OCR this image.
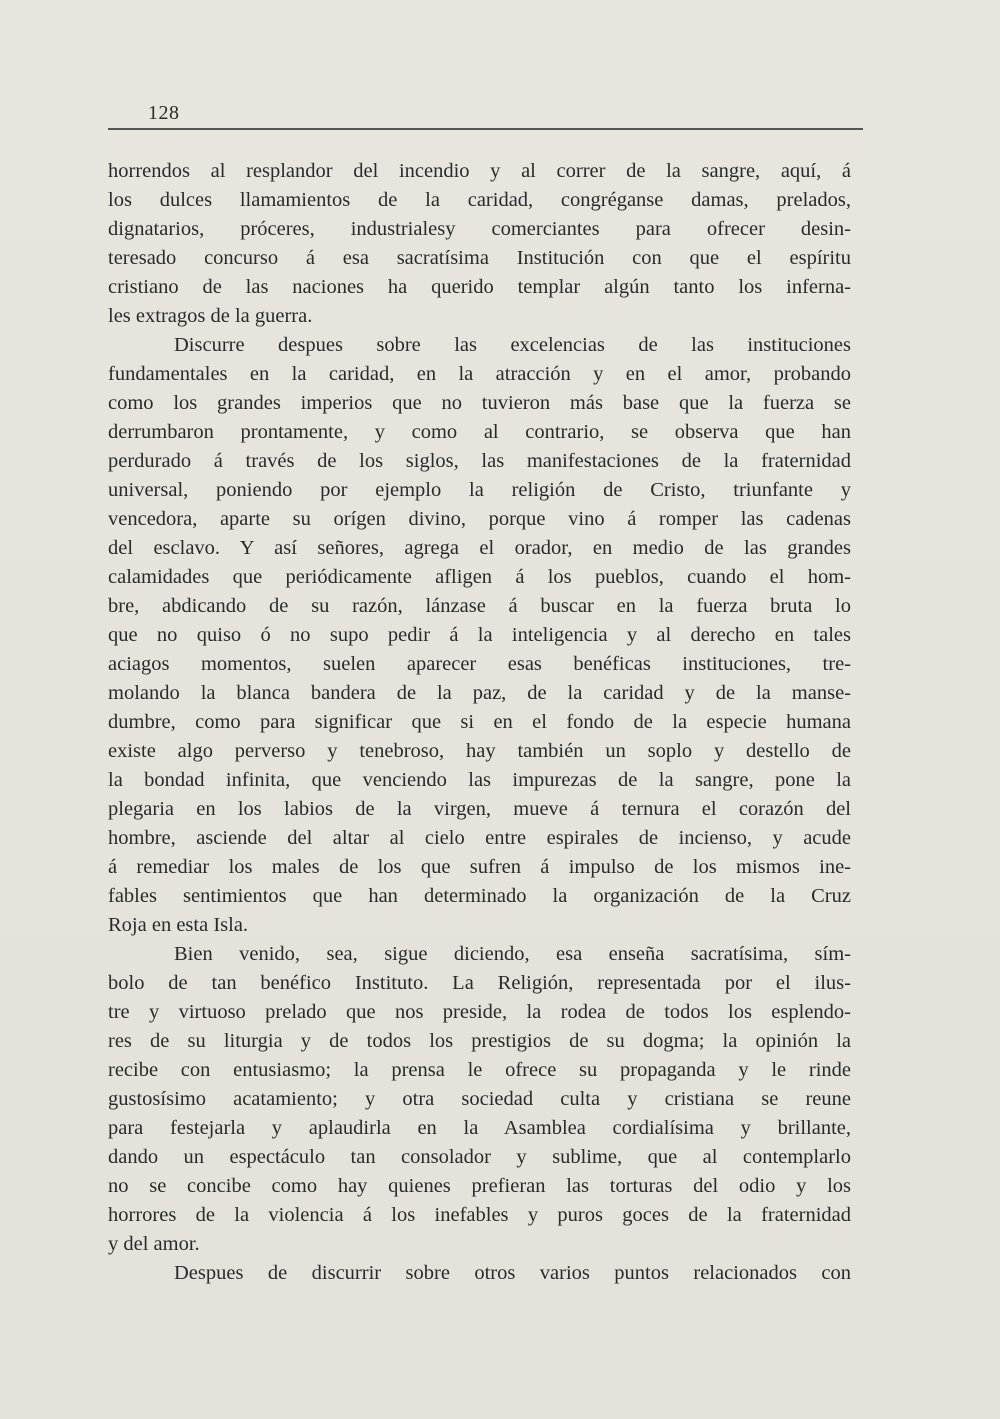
128
horrendos al resplandor del incendio y al correr de la sangre, aquí, á
los dulces llamamientos de la caridad, congréganse damas, prelados,
dignatarios, próceres, industrialesy comerciantes para ofrecer desin-
teresado concurso á esa sacratísima Institución con que el espíritu
cristiano de las naciones ha querido templar algún tanto los inferna-
les extragos de la guerra.
Discurre despues sobre las excelencias de las instituciones
fundamentales en la caridad, en la atracción y en el amor, probando
como los grandes imperios que no tuvieron más base que la fuerza se
derrumbaron prontamente, y como al contrario, se observa que han
perdurado á través de los siglos, las manifestaciones de la fraternidad
universal, poniendo por ejemplo la religión de Cristo, triunfante y
vencedora, aparte su orígen divino, porque vino á romper las cadenas
del esclavo. Y así señores, agrega el orador, en medio de las grandes
calamidades que periódicamente afligen á los pueblos, cuando el hom-
bre, abdicando de su razón, lánzase á buscar en la fuerza bruta lo
que no quiso ó no supo pedir á la inteligencia y al derecho en tales
aciagos momentos, suelen aparecer esas benéficas instituciones, tre-
molando la blanca bandera de la paz, de la caridad y de la manse-
dumbre, como para significar que si en el fondo de la especie humana
existe algo perverso y tenebroso, hay también un soplo y destello de
la bondad infinita, que venciendo las impurezas de la sangre, pone la
plegaria en los labios de la virgen, mueve á ternura el corazón del
hombre, asciende del altar al cielo entre espirales de incienso, y acude
á remediar los males de los que sufren á impulso de los mismos ine-
fables sentimientos que han determinado la organización de la Cruz
Roja en esta Isla.
Bien venido, sea, sigue diciendo, esa enseña sacratísima, sím-
bolo de tan benéfico Instituto. La Religión, representada por el ilus-
tre y virtuoso prelado que nos preside, la rodea de todos los esplendo-
res de su liturgia y de todos los prestigios de su dogma; la opinión la
recibe con entusiasmo; la prensa le ofrece su propaganda y le rinde
gustosísimo acatamiento; y otra sociedad culta y cristiana se reune
para festejarla y aplaudirla en la Asamblea cordialísima y brillante,
dando un espectáculo tan consolador y sublime, que al contemplarlo
no se concibe como hay quienes prefieran las torturas del odio y los
horrores de la violencia á los inefables y puros goces de la fraternidad
y del amor.
Despues de discurrir sobre otros varios puntos relacionados con
